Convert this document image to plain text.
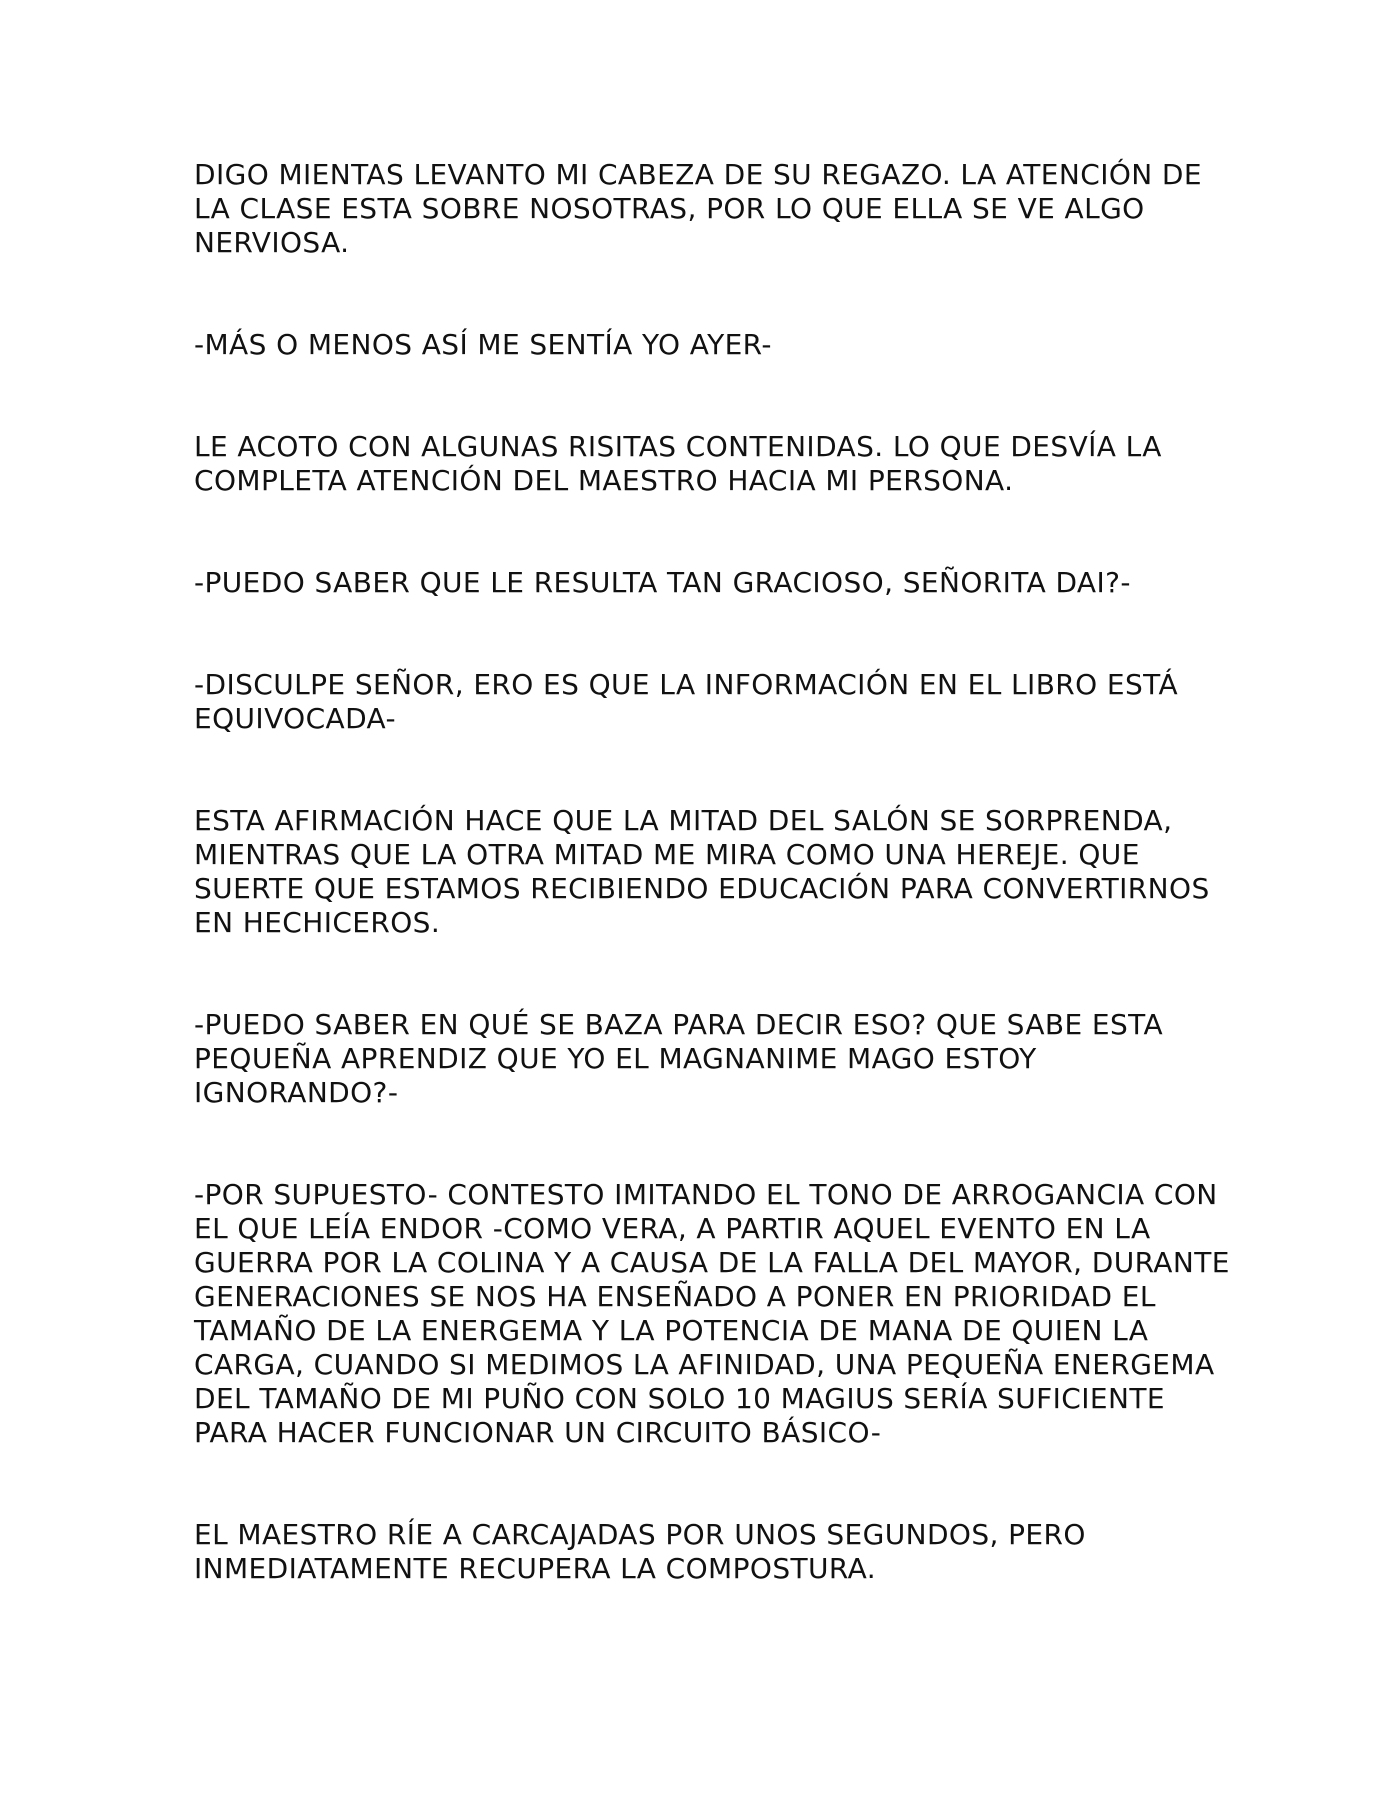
DIGO MIENTAS LEVANTO MI CABEZA DE SU REGAZO. LA ATENCIÓN DE LA CLASE ESTA SOBRE NOSOTRAS, POR LO QUE ELLA SE VE ALGO NERVIOSA.

-MÁS O MENOS ASÍ ME SENTÍA YO AYER-

LE ACOTO CON ALGUNAS RISITAS CONTENIDAS. LO QUE DESVÍA LA COMPLETA ATENCIÓN DEL MAESTRO HACIA MI PERSONA.

-PUEDO SABER QUE LE RESULTA TAN GRACIOSO, SEÑORITA DAI?-

-DISCULPE SEÑOR, ERO ES QUE LA INFORMACIÓN EN EL LIBRO ESTÁ EQUIVOCADA-

ESTA AFIRMACIÓN HACE QUE LA MITAD DEL SALÓN SE SORPRENDA, MIENTRAS QUE LA OTRA MITAD ME MIRA COMO UNA HEREJE. QUE SUERTE QUE ESTAMOS RECIBIENDO EDUCACIÓN PARA CONVERTIRNOS EN HECHICEROS.

-PUEDO SABER EN QUÉ SE BAZA PARA DECIR ESO? QUE SABE ESTA PEQUEÑA APRENDIZ QUE YO EL MAGNANIME MAGO ESTOY IGNORANDO?-

-POR SUPUESTO- CONTESTO IMITANDO EL TONO DE ARROGANCIA CON EL QUE LEÍA ENDOR -COMO VERA, A PARTIR AQUEL EVENTO EN LA GUERRA POR LA COLINA Y A CAUSA DE LA FALLA DEL MAYOR, DURANTE GENERACIONES SE NOS HA ENSEÑADO A PONER EN PRIORIDAD EL TAMAÑO DE LA ENERGEMA Y LA POTENCIA DE MANA DE QUIEN LA CARGA, CUANDO SI MEDIMOS LA AFINIDAD, UNA PEQUEÑA ENERGEMA DEL TAMAÑO DE MI PUÑO CON SOLO 10 MAGIUS SERÍA SUFICIENTE PARA HACER FUNCIONAR UN CIRCUITO BÁSICO-

EL MAESTRO RÍE A CARCAJADAS POR UNOS SEGUNDOS, PERO INMEDIATAMENTE RECUPERA LA COMPOSTURA.
